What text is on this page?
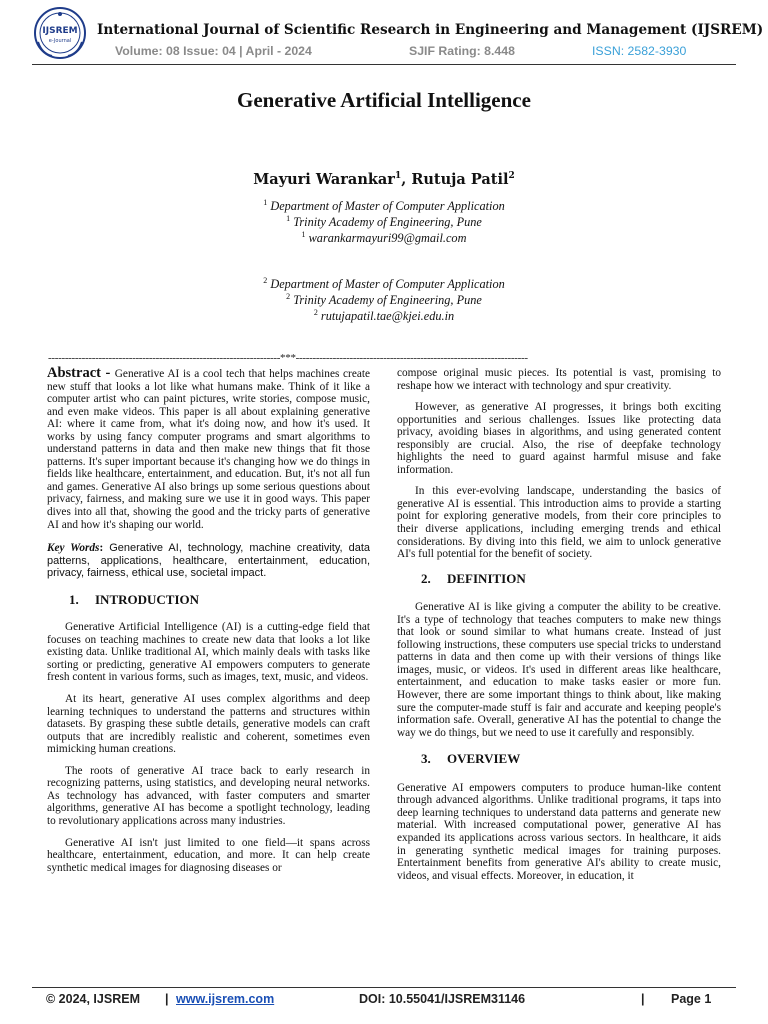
IJSREM
e-Journal
International Journal of Scientific Research in Engineering and Management (IJSREM)
Volume: 08 Issue: 04 | April - 2024	SJIF Rating: 8.448	ISSN: 2582-3930
Generative Artificial Intelligence
Mayuri Warankar$^1$, Rutuja Patil$^2$
$^1$ Department of Master of Computer Application
$^1$ Trinity Academy of Engineering, Pune
$^1$ warankarmayuri99@gmail.com
$^2$ Department of Master of Computer Application
$^2$ Trinity Academy of Engineering, Pune
$^2$ rutujapatil.tae@kjei.edu.in
---------------------------------------------------------------------***---------------------------------------------------------------------

Abstract - Generative AI is a cool tech that helps machines create new stuff that looks a lot like what humans make. Think of it like a computer artist who can paint pictures, write stories, compose music, and even make videos. This paper is all about explaining generative AI: where it came from, what it's doing now, and how it's used. It works by using fancy computer programs and smart algorithms to understand patterns in data and then make new things that fit those patterns. It's super important because it's changing how we do things in fields like healthcare, entertainment, and education. But, it's not all fun and games. Generative AI also brings up some serious questions about privacy, fairness, and making sure we use it in good ways. This paper dives into all that, showing the good and the tricky parts of generative AI and how it's shaping our world.

Key Words: Generative AI, technology, machine creativity, data patterns, applications, healthcare, entertainment, education, privacy, fairness, ethical use, societal impact.

1. INTRODUCTION

Generative Artificial Intelligence (AI) is a cutting-edge field that focuses on teaching machines to create new data that looks a lot like existing data. Unlike traditional AI, which mainly deals with tasks like sorting or predicting, generative AI empowers computers to generate fresh content in various forms, such as images, text, music, and videos.

At its heart, generative AI uses complex algorithms and deep learning techniques to understand the patterns and structures within datasets. By grasping these subtle details, generative models can craft outputs that are incredibly realistic and coherent, sometimes even mimicking human creations.

The roots of generative AI trace back to early research in recognizing patterns, using statistics, and developing neural networks. As technology has advanced, with faster computers and smarter algorithms, generative AI has become a spotlight technology, leading to revolutionary applications across many industries.

Generative AI isn't just limited to one field—it spans across healthcare, entertainment, education, and more. It can help create synthetic medical images for diagnosing diseases or

compose original music pieces. Its potential is vast, promising to reshape how we interact with technology and spur creativity.

However, as generative AI progresses, it brings both exciting opportunities and serious challenges. Issues like protecting data privacy, avoiding biases in algorithms, and using generated content responsibly are crucial. Also, the rise of deepfake technology highlights the need to guard against harmful misuse and fake information.

In this ever-evolving landscape, understanding the basics of generative AI is essential. This introduction aims to provide a starting point for exploring generative models, from their core principles to their diverse applications, including emerging trends and ethical considerations. By diving into this field, we aim to unlock generative AI's full potential for the benefit of society.

2. DEFINITION

Generative AI is like giving a computer the ability to be creative. It's a type of technology that teaches computers to make new things that look or sound similar to what humans create. Instead of just following instructions, these computers use special tricks to understand patterns in data and then come up with their versions of things like images, music, or videos. It's used in different areas like healthcare, entertainment, and education to make tasks easier or more fun. However, there are some important things to think about, like making sure the computer-made stuff is fair and accurate and keeping people's information safe. Overall, generative AI has the potential to change the way we do things, but we need to use it carefully and responsibly.

3. OVERVIEW

Generative AI empowers computers to produce human-like content through advanced algorithms. Unlike traditional programs, it taps into deep learning techniques to understand data patterns and generate new material. With increased computational power, generative AI has expanded its applications across various sectors. In healthcare, it aids in generating synthetic medical images for training purposes. Entertainment benefits from generative AI's ability to create music, videos, and visual effects. Moreover, in education, it

© 2024, IJSREM | www.ijsrem.com	DOI: 10.55041/IJSREM31146	| Page 1
